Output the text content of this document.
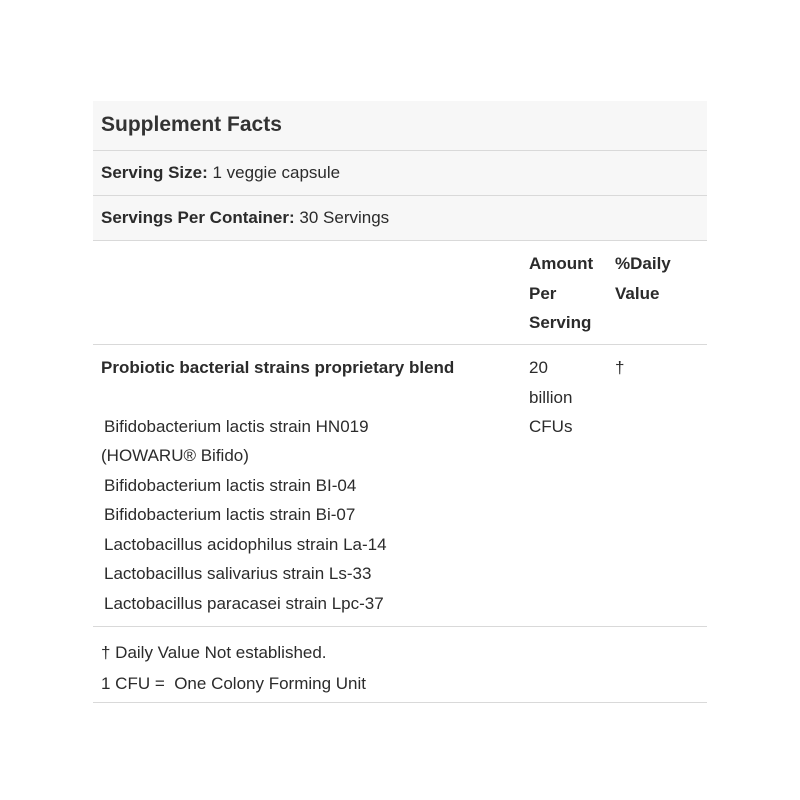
Supplement Facts
Serving Size: 1 veggie capsule
Servings Per Container: 30 Servings
Amount
Per
Serving
%Daily
Value
Probiotic bacterial strains proprietary blend
Bifidobacterium lactis strain HN019
(HOWARU® Bifido)
Bifidobacterium lactis strain BI-04
Bifidobacterium lactis strain Bi-07
Lactobacillus acidophilus strain La-14
Lactobacillus salivarius strain Ls-33
Lactobacillus paracasei strain Lpc-37
20
billion
CFUs
†
† Daily Value Not established.
1 CFU =  One Colony Forming Unit
